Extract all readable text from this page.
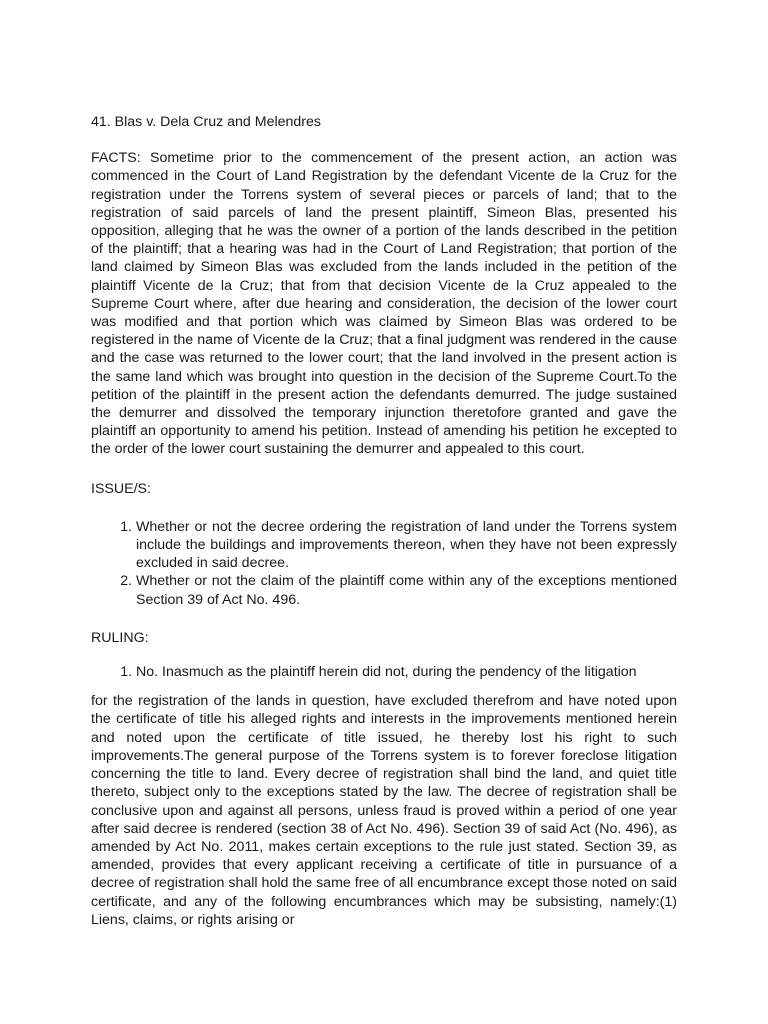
41. Blas v. Dela Cruz and Melendres

FACTS: Sometime prior to the commencement of the present action, an action was commenced in the Court of Land Registration by the defendant Vicente de la Cruz for the registration under the Torrens system of several pieces or parcels of land; that to the registration of said parcels of land the present plaintiff, Simeon Blas, presented his opposition, alleging that he was the owner of a portion of the lands described in the petition of the plaintiff; that a hearing was had in the Court of Land Registration; that portion of the land claimed by Simeon Blas was excluded from the lands included in the petition of the plaintiff Vicente de la Cruz; that from that decision Vicente de la Cruz appealed to the Supreme Court where, after due hearing and consideration, the decision of the lower court was modified and that portion which was claimed by Simeon Blas was ordered to be registered in the name of Vicente de la Cruz; that a final judgment was rendered in the cause and the case was returned to the lower court; that the land involved in the present action is the same land which was brought into question in the decision of the Supreme Court.To the petition of the plaintiff in the present action the defendants demurred. The judge sustained the demurrer and dissolved the temporary injunction theretofore granted and gave the plaintiff an opportunity to amend his petition. Instead of amending his petition he excepted to the order of the lower court sustaining the demurrer and appealed to this court.

ISSUE/S:

1. Whether or not the decree ordering the registration of land under the Torrens system include the buildings and improvements thereon, when they have not been expressly excluded in said decree.
2. Whether or not the claim of the plaintiff come within any of the exceptions mentioned Section 39 of Act No. 496.

RULING:

1. No. Inasmuch as the plaintiff herein did not, during the pendency of the litigation

for the registration of the lands in question, have excluded therefrom and have noted upon the certificate of title his alleged rights and interests in the improvements mentioned herein and noted upon the certificate of title issued, he thereby lost his right to such improvements.The general purpose of the Torrens system is to forever foreclose litigation concerning the title to land. Every decree of registration shall bind the land, and quiet title thereto, subject only to the exceptions stated by the law. The decree of registration shall be conclusive upon and against all persons, unless fraud is proved within a period of one year after said decree is rendered (section 38 of Act No. 496). Section 39 of said Act (No. 496), as amended by Act No. 2011, makes certain exceptions to the rule just stated. Section 39, as amended, provides that every applicant receiving a certificate of title in pursuance of a decree of registration shall hold the same free of all encumbrance except those noted on said certificate, and any of the following encumbrances which may be subsisting, namely:(1) Liens, claims, or rights arising or
